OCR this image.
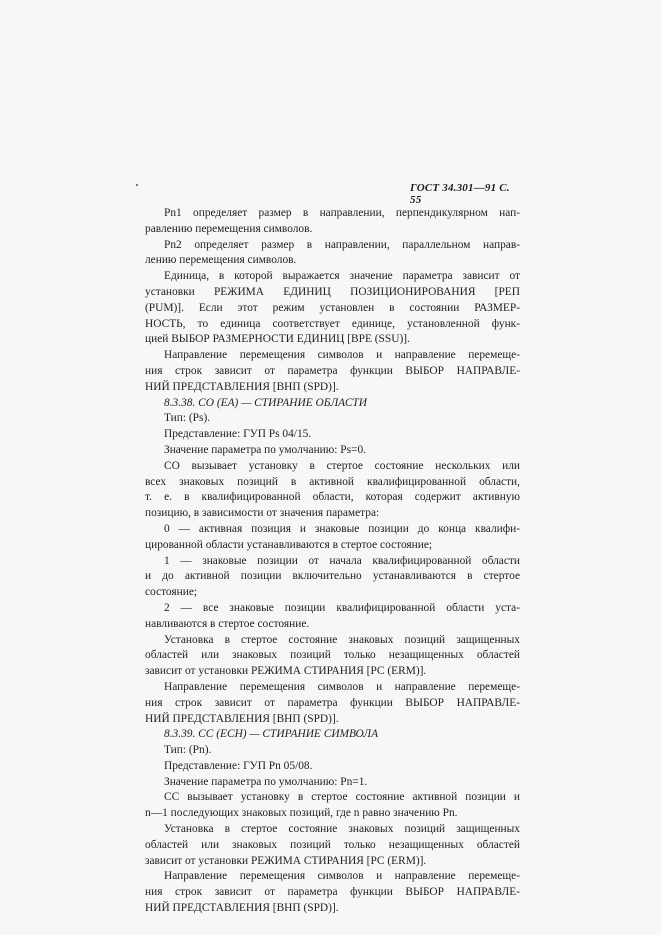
ГОСТ 34.301—91 С. 55

Pn1 определяет размер в направлении, перпендикулярном нап-

равлению перемещения символов.

Pn2 определяет размер в направлении, параллельном направ-

лению перемещения символов.

Единица, в которой выражается значение параметра зависит от

установки РЕЖИМА ЕДИНИЦ ПОЗИЦИОНИРОВАНИЯ [РЕП

(PUM)]. Если этот режим установлен в состоянии РАЗМЕР-

НОСТЬ, то единица соответствует единице, установленной функ-

цией ВЫБОР РАЗМЕРНОСТИ ЕДИНИЦ [ВРЕ (SSU)].

Направление перемещения символов и направление перемеще-

ния строк зависит от параметра функции ВЫБОР НАПРАВЛЕ-

НИЙ ПРЕДСТАВЛЕНИЯ [ВНП (SPD)].

8.3.38. СО (ЕА) — СТИРАНИЕ ОБЛАСТИ

Тип: (Ps).

Представление: ГУП Ps 04/15.

Значение параметра по умолчанию: Ps=0.

СО вызывает установку в стертое состояние нескольких или

всех знаковых позиций в активной квалифицированной области,

т. е. в квалифицированной области, которая содержит активную

позицию, в зависимости от значения параметра:

0 — активная позиция и знаковые позиции до конца квалифи-

цированной области устанавливаются в стертое состояние;

1 — знаковые позиции от начала квалифицированной области

и до активной позиции включительно устанавливаются в стертое

состояние;

2 — все знаковые позиции квалифицированной области уста-

навливаются в стертое состояние.

Установка в стертое состояние знаковых позиций защищенных

областей или знаковых позиций только незащищенных областей

зависит от установки РЕЖИМА СТИРАНИЯ [РС (ERM)].

Направление перемещения символов и направление перемеще-

ния строк зависит от параметра функции ВЫБОР НАПРАВЛЕ-

НИЙ ПРЕДСТАВЛЕНИЯ [ВНП (SPD)].

8.3.39. СС (ЕСН) — СТИРАНИЕ СИМВОЛА

Тип: (Pn).

Представление: ГУП Pn 05/08.

Значение параметра по умолчанию: Pn=1.

СС вызывает установку в стертое состояние активной позиции и

n—1 последующих знаковых позиций, где n равно значению Pn.

Установка в стертое состояние знаковых позиций защищенных

областей или знаковых позиций только незащищенных областей

зависит от установки РЕЖИМА СТИРАНИЯ [РС (ERM)].

Направление перемещения символов и направление перемеще-

ния строк зависит от параметра функции ВЫБОР НАПРАВЛЕ-

НИЙ ПРЕДСТАВЛЕНИЯ [ВНП (SPD)].
